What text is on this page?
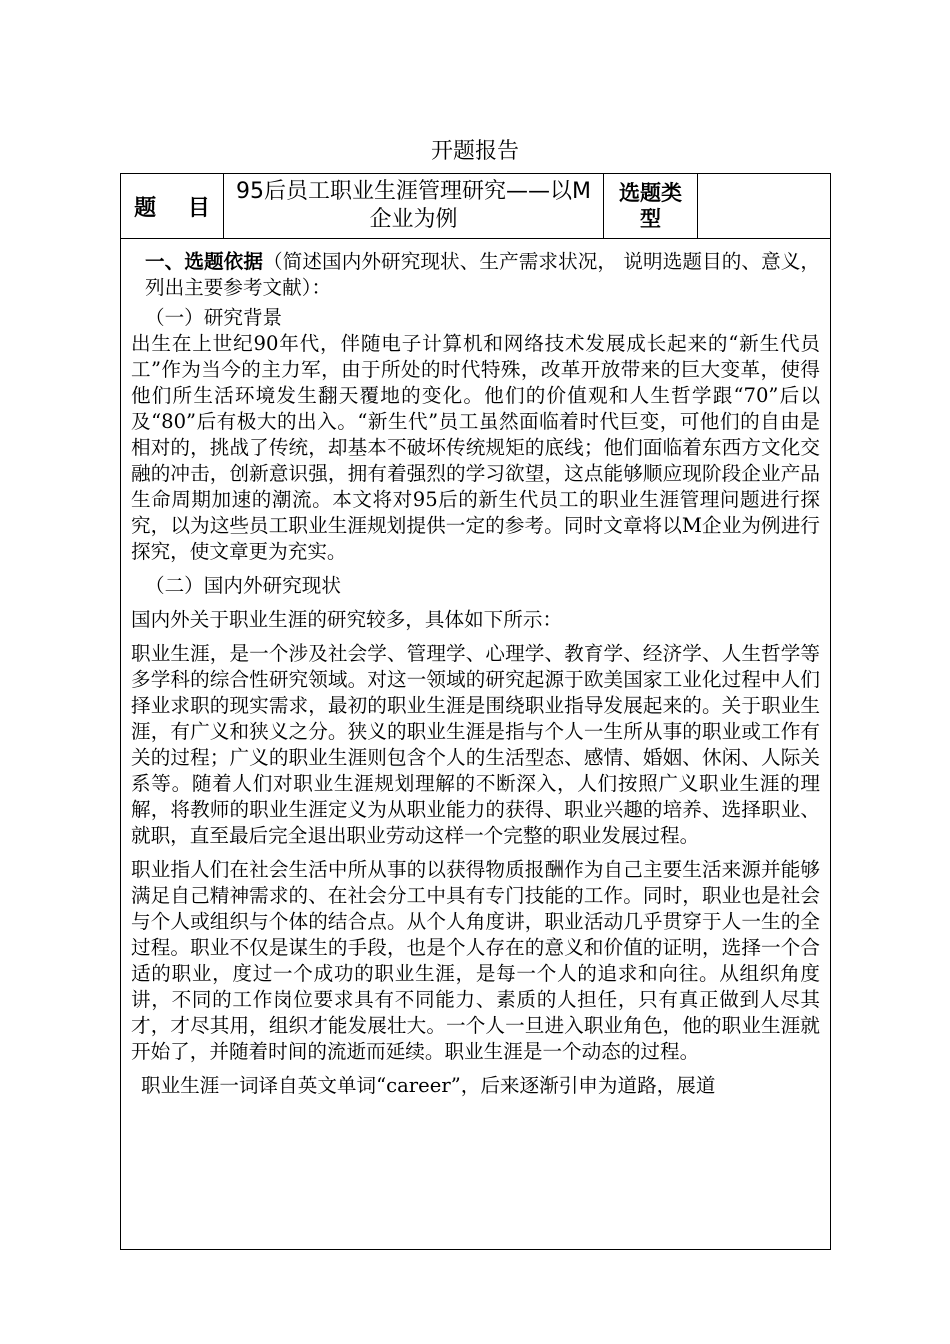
开题报告
题 目	95后员工职业生涯管理研究——以M企业为例	选题类型	

一、选题依据（简述国内外研究现状、生产需求状况， 说明选题目的、意义，列出主要参考文献）：

（一）研究背景

出生在上世纪90年代，伴随电子计算机和网络技术发展成长起来的“新生代员工”作为当今的主力军，由于所处的时代特殊，改革开放带来的巨大变革，使得他们所生活环境发生翻天覆地的变化。他们的价值观和人生哲学跟“70”后以及“80”后有极大的出入。“新生代”员工虽然面临着时代巨变，可他们的自由是相对的，挑战了传统，却基本不破坏传统规矩的底线；他们面临着东西方文化交融的冲击，创新意识强，拥有着强烈的学习欲望，这点能够顺应现阶段企业产品生命周期加速的潮流。本文将对95后的新生代员工的职业生涯管理问题进行探究，以为这些员工职业生涯规划提供一定的参考。同时文章将以M企业为例进行探究，使文章更为充实。

（二）国内外研究现状

国内外关于职业生涯的研究较多，具体如下所示：

职业生涯，是一个涉及社会学、管理学、心理学、教育学、经济学、人生哲学等多学科的综合性研究领域。对这一领域的研究起源于欧美国家工业化过程中人们择业求职的现实需求，最初的职业生涯是围绕职业指导发展起来的。关于职业生涯，有广义和狭义之分。狭义的职业生涯是指与个人一生所从事的职业或工作有关的过程；广义的职业生涯则包含个人的生活型态、感情、婚姻、休闲、人际关系等。随着人们对职业生涯规划理解的不断深入，人们按照广义职业生涯的理解，将教师的职业生涯定义为从职业能力的获得、职业兴趣的培养、选择职业、就职，直至最后完全退出职业劳动这样一个完整的职业发展过程。

职业指人们在社会生活中所从事的以获得物质报酬作为自己主要生活来源并能够满足自己精神需求的、在社会分工中具有专门技能的工作。同时，职业也是社会与个人或组织与个体的结合点。从个人角度讲，职业活动几乎贯穿于人一生的全过程。职业不仅是谋生的手段，也是个人存在的意义和价值的证明，选择一个合适的职业，度过一个成功的职业生涯，是每一个人的追求和向往。从组织角度讲，不同的工作岗位要求具有不同能力、素质的人担任，只有真正做到人尽其才，才尽其用，组织才能发展壮大。一个人一旦进入职业角色，他的职业生涯就开始了，并随着时间的流逝而延续。职业生涯是一个动态的过程。

职业生涯一词译自英文单词“career”，后来逐渐引申为道路，展道
